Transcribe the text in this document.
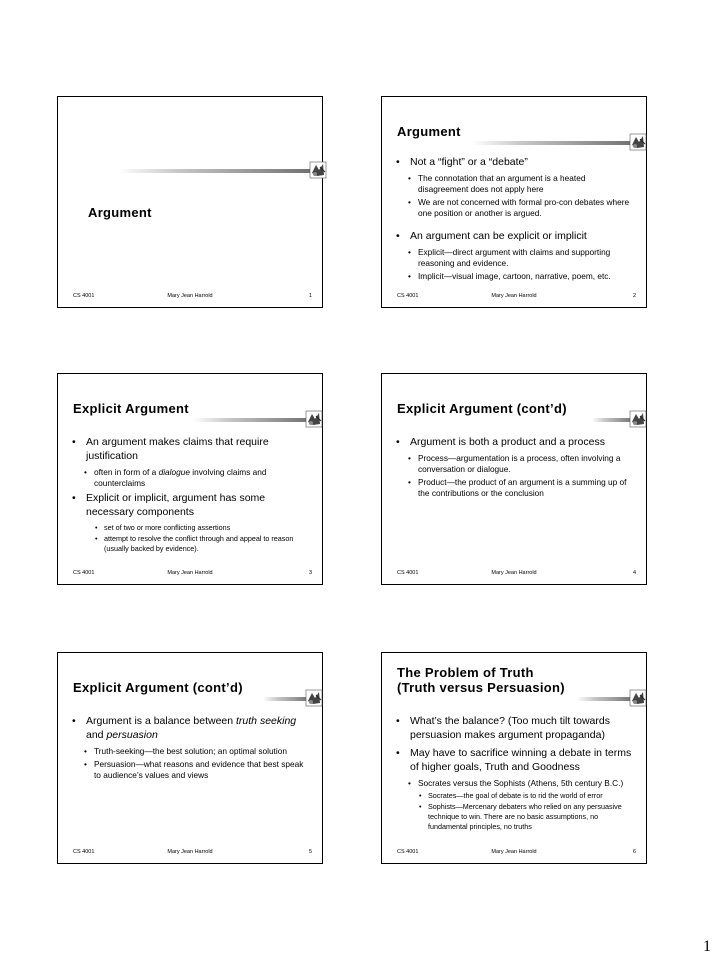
Argument
CS 4001	Mary Jean Harrold	1
Argument
• Not a “fight” or a “debate”
• The connotation that an argument is a heated disagreement does not apply here
• We are not concerned with formal pro-con debates where one position or another is argued.
• An argument can be explicit or implicit
• Explicit—direct argument with claims and supporting reasoning and evidence.
• Implicit—visual image, cartoon, narrative, poem, etc.
CS 4001	Mary Jean Harrold	2
Explicit Argument
• An argument makes claims that require justification
• often in form of a dialogue involving claims and counterclaims
• Explicit or implicit, argument has some necessary components
• set of two or more conflicting assertions
• attempt to resolve the conflict through and appeal to reason (usually backed by evidence).
CS 4001	Mary Jean Harrold	3
Explicit Argument (cont’d)
• Argument is both a product and a process
• Process—argumentation is a process, often involving a conversation or dialogue.
• Product—the product of an argument is a summing up of the contributions or the conclusion
CS 4001	Mary Jean Harrold	4
Explicit Argument (cont’d)
• Argument is a balance between truth seeking and persuasion
• Truth-seeking—the best solution; an optimal solution
• Persuasion—what reasons and evidence that best speak to audience’s values and views
CS 4001	Mary Jean Harrold	5
The Problem of Truth
(Truth versus Persuasion)
• What’s the balance? (Too much tilt towards persuasion makes argument propaganda)
• May have to sacrifice winning a debate in terms of higher goals, Truth and Goodness
• Socrates versus the Sophists (Athens, 5th century B.C.)
• Socrates—the goal of debate is to rid the world of error
• Sophists—Mercenary debaters who relied on any persuasive technique to win. There are no basic assumptions, no fundamental principles, no truths
CS 4001	Mary Jean Harrold	6
1
